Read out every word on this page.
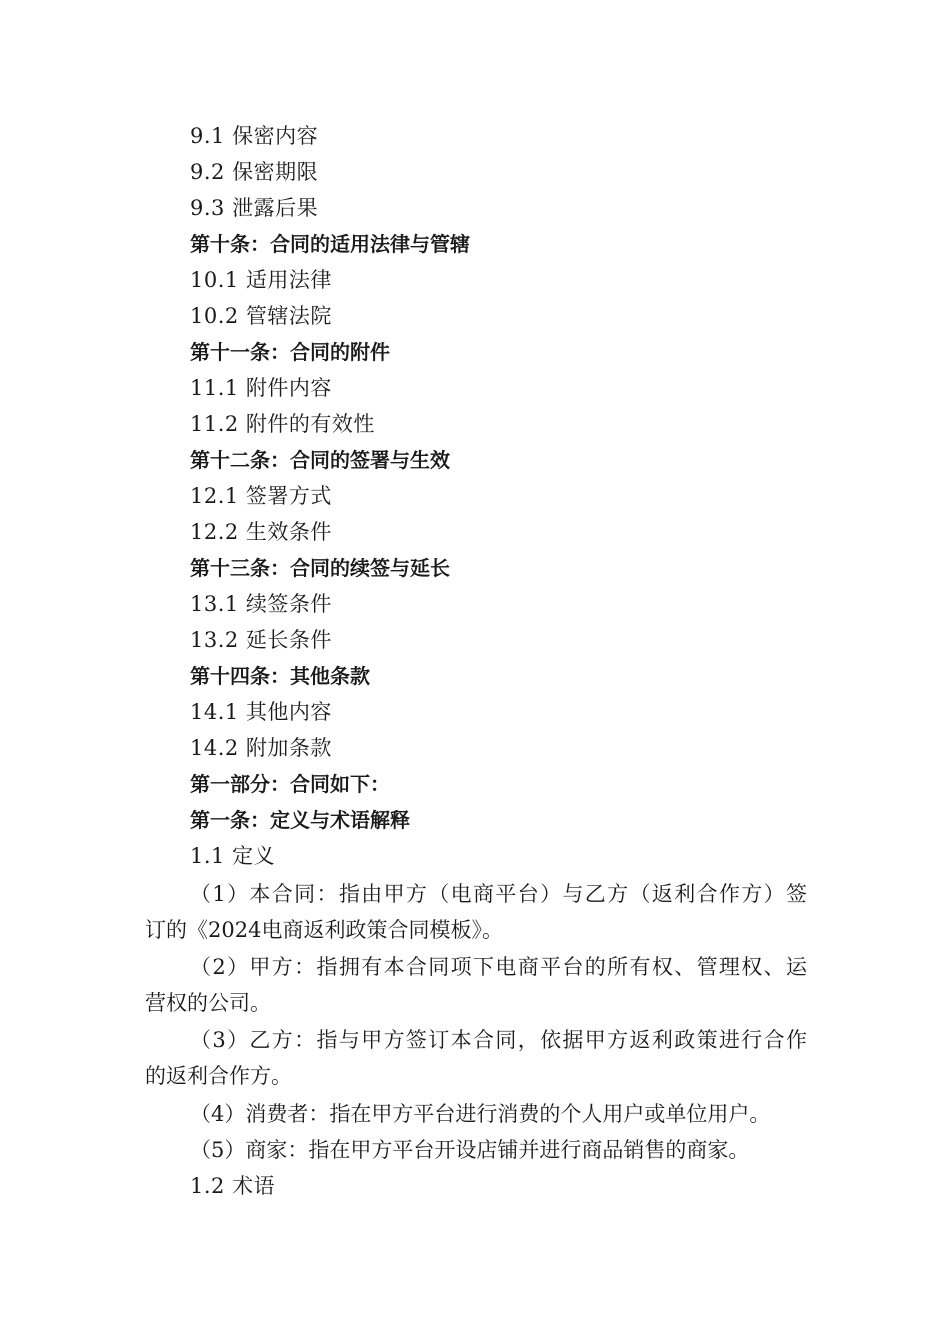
9.1 保密内容
9.2 保密期限
9.3 泄露后果
第十条：合同的适用法律与管辖
10.1 适用法律
10.2 管辖法院
第十一条：合同的附件
11.1 附件内容
11.2 附件的有效性
第十二条：合同的签署与生效
12.1 签署方式
12.2 生效条件
第十三条：合同的续签与延长
13.1 续签条件
13.2 延长条件
第十四条：其他条款
14.1 其他内容
14.2 附加条款
第一部分：合同如下：
第一条：定义与术语解释
1.1 定义
（1）本合同：指由甲方（电商平台）与乙方（返利合作方）签
订的《2024电商返利政策合同模板》。
（2）甲方：指拥有本合同项下电商平台的所有权、管理权、运
营权的公司。
（3）乙方：指与甲方签订本合同，依据甲方返利政策进行合作
的返利合作方。
（4）消费者：指在甲方平台进行消费的个人用户或单位用户。
（5）商家：指在甲方平台开设店铺并进行商品销售的商家。
1.2 术语
